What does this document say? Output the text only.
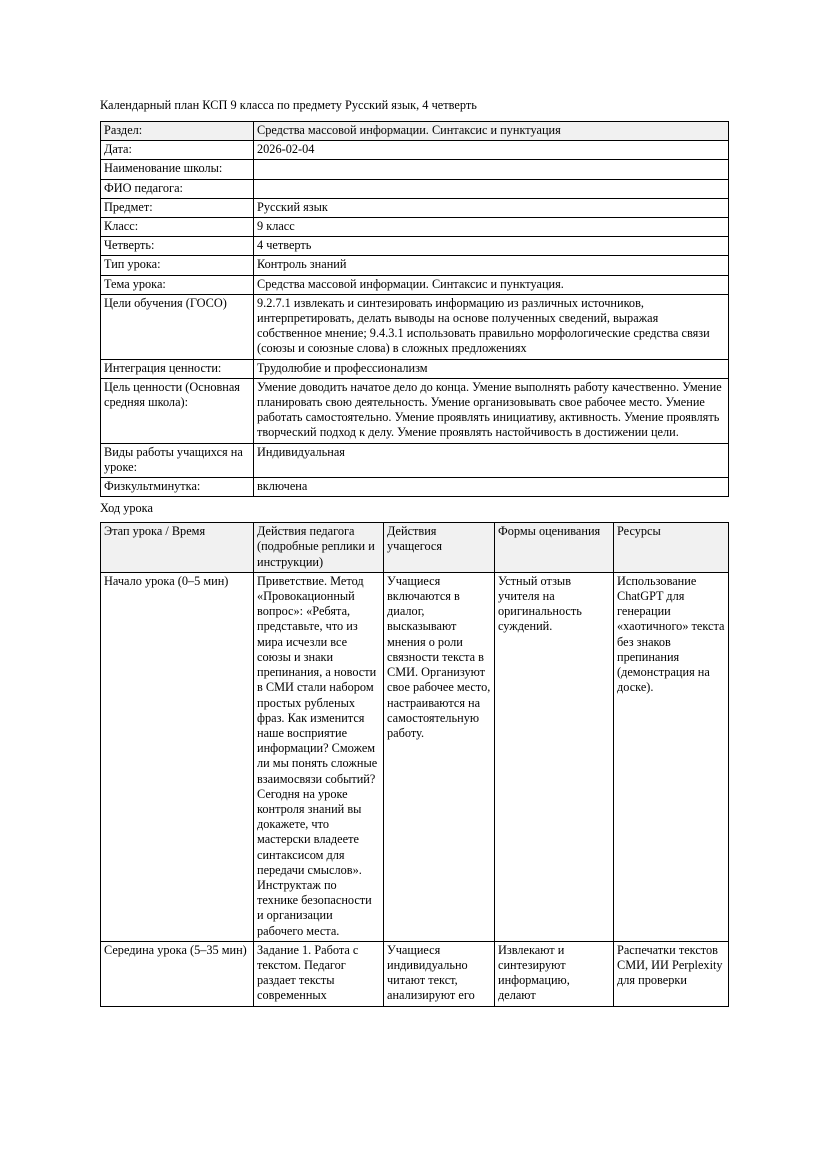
Календарный план КСП 9 класса по предмету Русский язык, 4 четверть

Раздел:	Средства массовой информации. Синтаксис и пунктуация
Дата:	2026-02-04
Наименование школы:	
ФИО педагога:	
Предмет:	Русский язык
Класс:	9 класс
Четверть:	4 четверть
Тип урока:	Контроль знаний
Тема урока:	Средства массовой информации. Синтаксис и пунктуация.
Цели обучения (ГОСО)	9.2.7.1 извлекать и синтезировать информацию из различных источников, интерпретировать, делать выводы на основе полученных сведений, выражая собственное мнение; 9.4.3.1 использовать правильно морфологические средства связи (союзы и союзные слова) в сложных предложениях
Интеграция ценности:	Трудолюбие и профессионализм
Цель ценности (Основная средняя школа):	Умение доводить начатое дело до конца. Умение выполнять работу качественно. Умение планировать свою деятельность. Умение организовывать свое рабочее место. Умение работать самостоятельно. Умение проявлять инициативу, активность. Умение проявлять творческий подход к делу. Умение проявлять настойчивость в достижении цели.
Виды работы учащихся на уроке:	Индивидуальная
Физкультминутка:	включена

Ход урока

Этап урока / Время	Действия педагога (подробные реплики и инструкции)	Действия учащегося	Формы оценивания	Ресурсы
Начало урока (0–5 мин)	Приветствие. Метод «Провокационный вопрос»: «Ребята, представьте, что из мира исчезли все союзы и знаки препинания, а новости в СМИ стали набором простых рубленых фраз. Как изменится наше восприятие информации? Сможем ли мы понять сложные взаимосвязи событий? Сегодня на уроке контроля знаний вы докажете, что мастерски владеете синтаксисом для передачи смыслов». Инструктаж по технике безопасности и организации рабочего места.	Учащиеся включаются в диалог, высказывают мнения о роли связности текста в СМИ. Организуют свое рабочее место, настраиваются на самостоятельную работу.	Устный отзыв учителя на оригинальность суждений.	Использование ChatGPT для генерации «хаотичного» текста без знаков препинания (демонстрация на доске).
Середина урока (5–35 мин)	Задание 1. Работа с текстом. Педагог раздает тексты современных	Учащиеся индивидуально читают текст, анализируют его	Извлекают и синтезируют информацию, делают	Распечатки текстов СМИ, ИИ Perplexity для проверки
